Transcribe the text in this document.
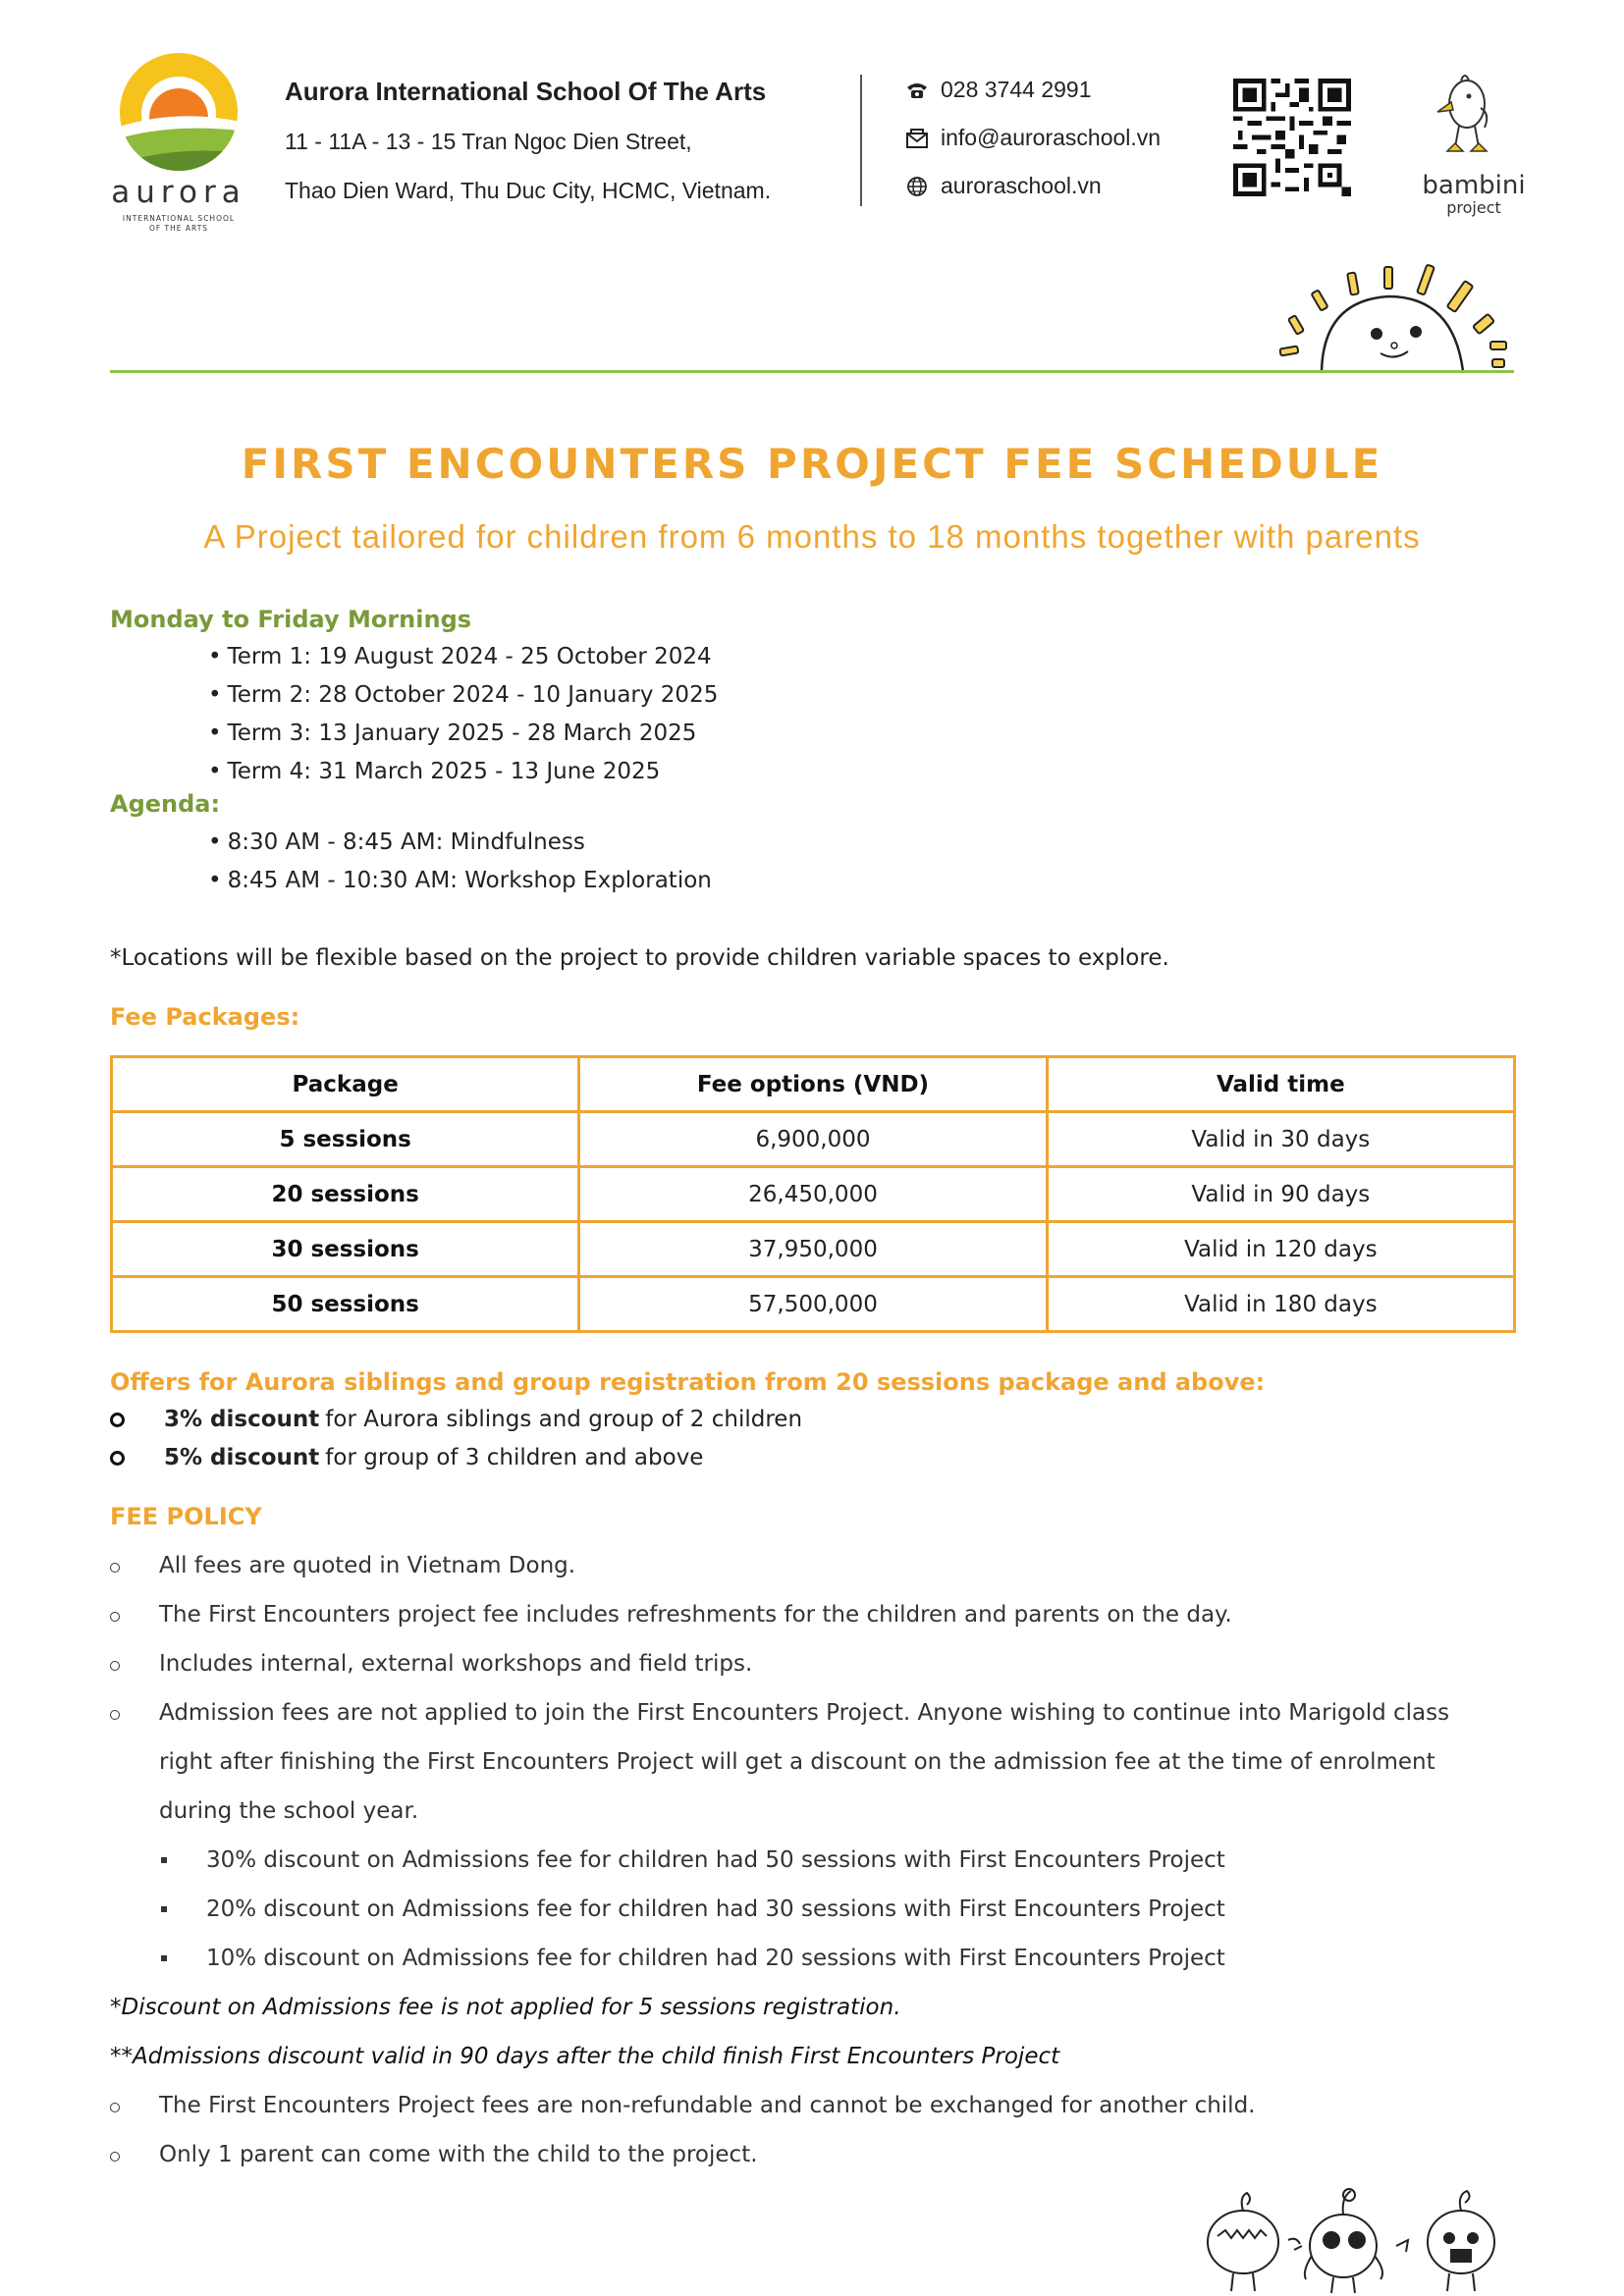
aurora
INTERNATIONAL SCHOOL
OF THE ARTS
Aurora International School Of The Arts
11 - 11A - 13 - 15 Tran Ngoc Dien Street,
Thao Dien Ward, Thu Duc City, HCMC, Vietnam.
028 3744 2991
info@auroraschool.vn
auroraschool.vn	bambini
project
FIRST ENCOUNTERS PROJECT FEE SCHEDULE
A Project tailored for children from 6 months to 18 months together with parents
Monday to Friday Mornings
• Term 1: 19 August 2024 - 25 October 2024
• Term 2: 28 October 2024 - 10 January 2025
• Term 3: 13 January 2025 - 28 March 2025
• Term 4: 31 March 2025 - 13 June 2025
Agenda:
• 8:30 AM - 8:45 AM: Mindfulness
• 8:45 AM - 10:30 AM: Workshop Exploration
*Locations will be flexible based on the project to provide children variable spaces to explore.
Fee Packages:
Package	Fee options (VND)	Valid time
5 sessions	6,900,000	Valid in 30 days
20 sessions	26,450,000	Valid in 90 days
30 sessions	37,950,000	Valid in 120 days
50 sessions	57,500,000	Valid in 180 days
Offers for Aurora siblings and group registration from 20 sessions package and above:
3% discount for Aurora siblings and group of 2 children
5% discount for group of 3 children and above
FEE POLICY
All fees are quoted in Vietnam Dong.
The First Encounters project fee includes refreshments for the children and parents on the day.
Includes internal, external workshops and field trips.
Admission fees are not applied to join the First Encounters Project. Anyone wishing to continue into Marigold class right after finishing the First Encounters Project will get a discount on the admission fee at the time of enrolment during the school year.
30% discount on Admissions fee for children had 50 sessions with First Encounters Project
20% discount on Admissions fee for children had 30 sessions with First Encounters Project
10% discount on Admissions fee for children had 20 sessions with First Encounters Project
*Discount on Admissions fee is not applied for 5 sessions registration.
**Admissions discount valid in 90 days after the child finish First Encounters Project
The First Encounters Project fees are non-refundable and cannot be exchanged for another child.
Only 1 parent can come with the child to the project.
